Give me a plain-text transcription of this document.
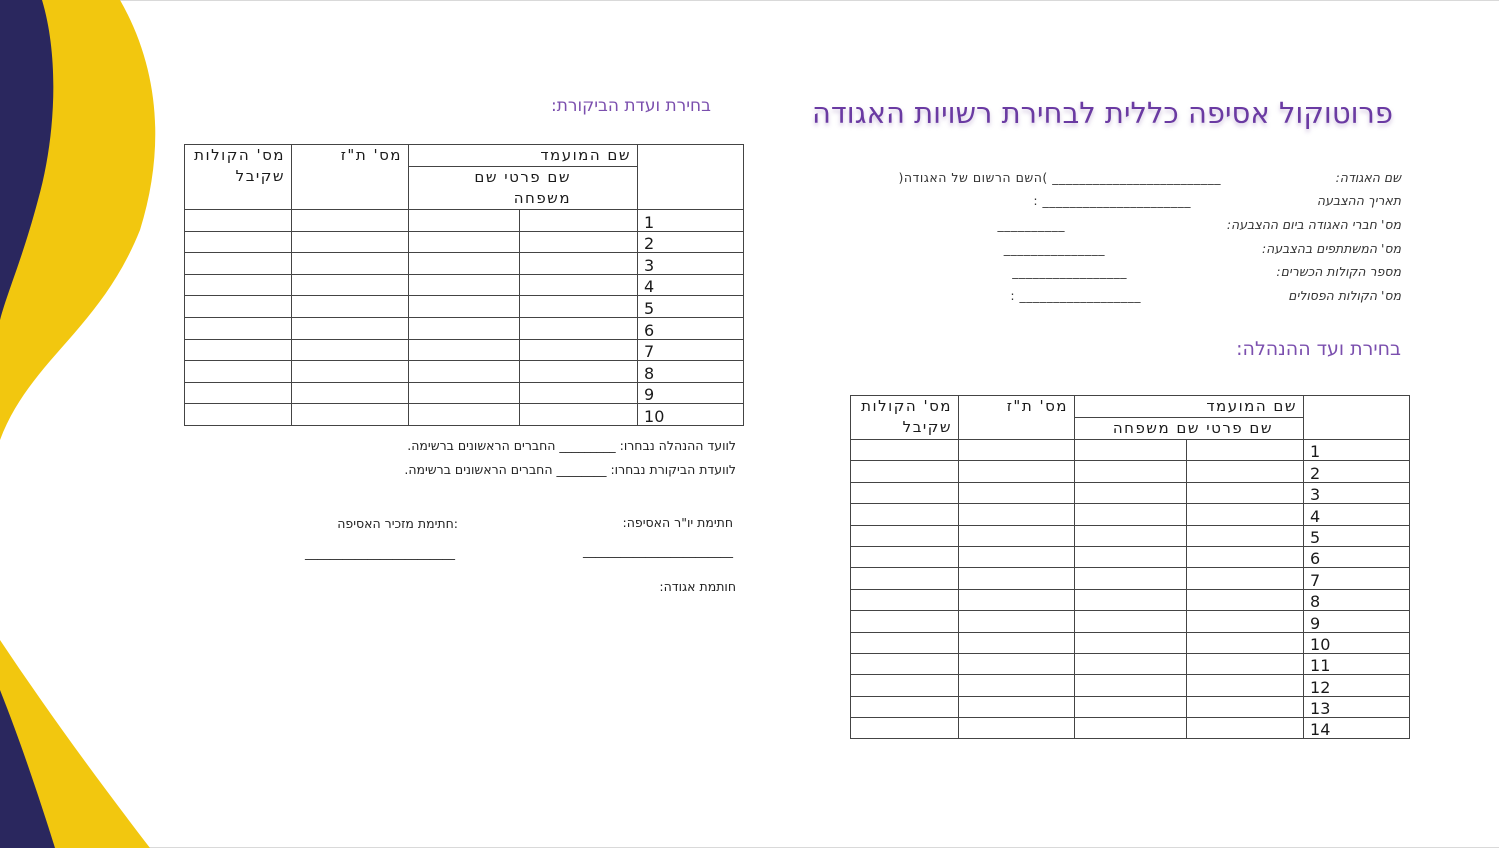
פרוטוקול אסיפה כללית לבחירת רשויות האגודה
שם האגודה:
_________________________ )השם הרשום של האגודה(
תאריך ההצבעה
______________________ :
מס' חברי האגודה ביום ההצבעה:
__________
מס' המשתתפים בהצבעה:
_______________
מספר הקולות הכשרים:
_________________
מס' הקולות הפסולים
__________________ :
בחירת ועד ההנהלה:
	שם המועמד		מס' ת"ז	מס' הקולות שקיבל
	שם פרטי שם משפחה			
1				
2				
3				
4				
5				
6				
7				
8				
9				
10				
11				
12				
13				
14				
בחירת ועדת הביקורת:
	שם המועמד		מס' ת"ז	מס' הקולות שקיבל
	שם פרטי שם משפחה			
1				
2				
3				
4				
5				
6				
7				
8				
9				
10				
לוועד ההנהלה נבחרו: _________ החברים הראשונים ברשימה.
לוועדת הביקורת נבחרו: ________ החברים הראשונים ברשימה.
חתימת יו"ר האסיפה:
________________________
:חתימת מזכיר האסיפה
________________________
חותמת אגודה:
